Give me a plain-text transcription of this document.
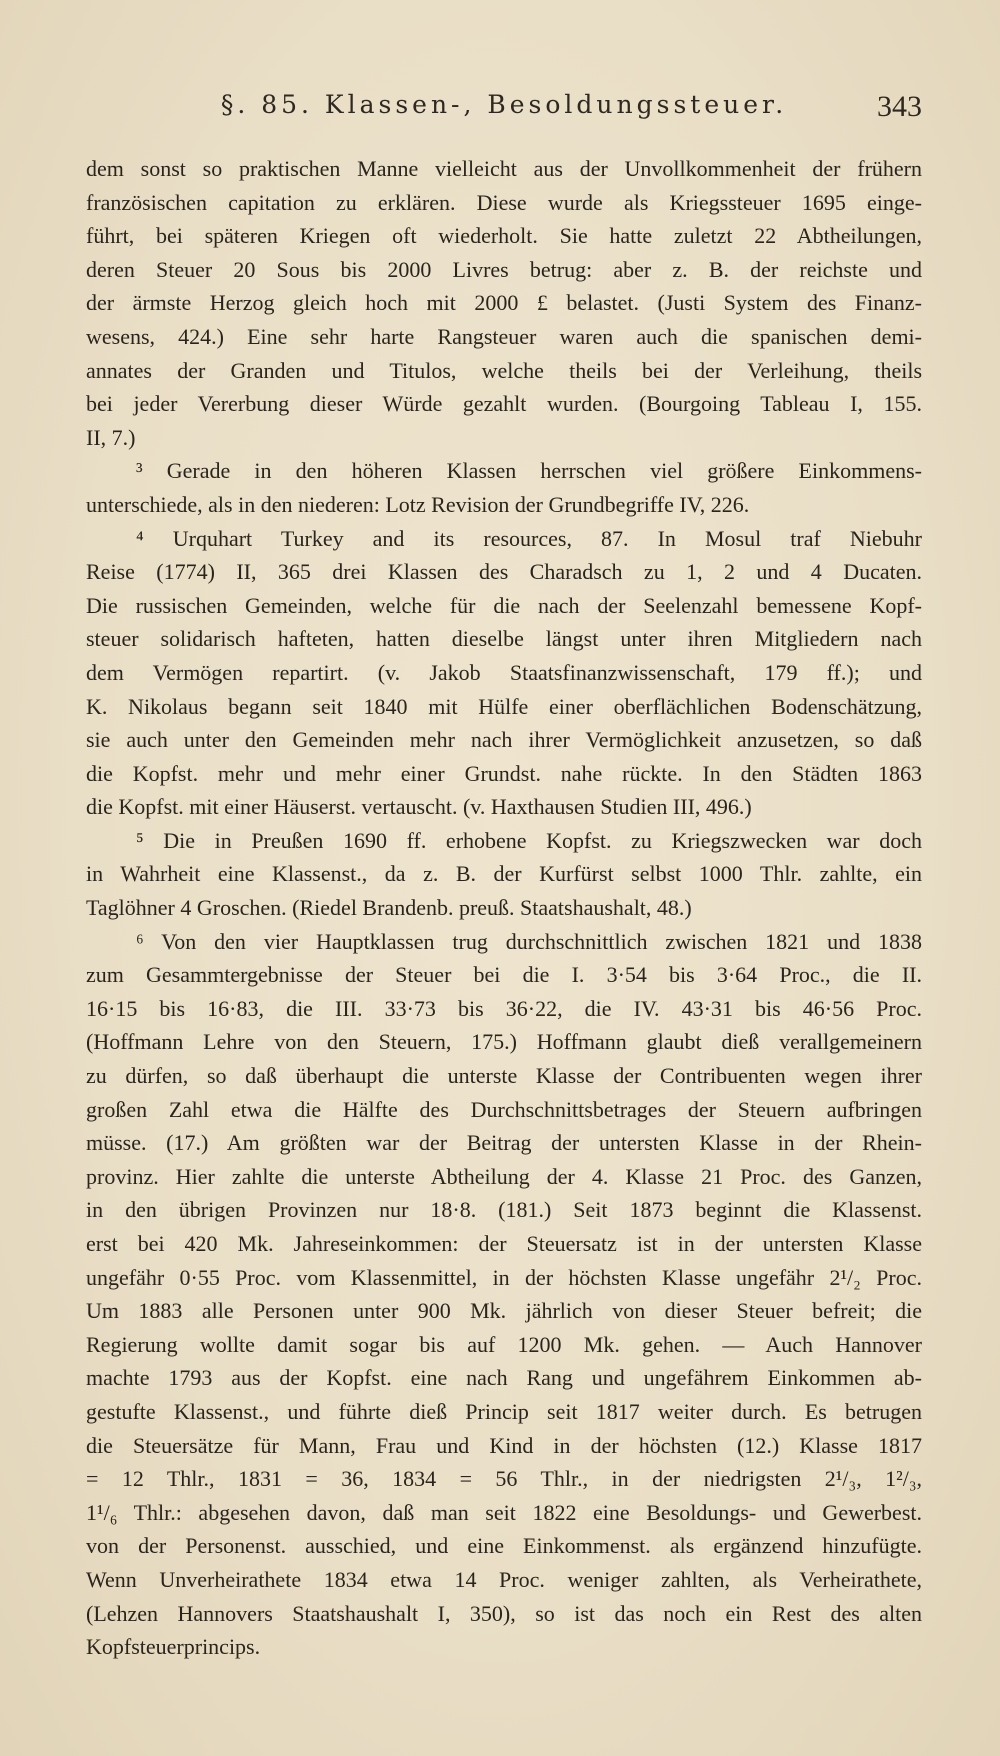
§. 85. Klassen-, Besoldungssteuer.	343
dem sonst so praktischen Manne vielleicht aus der Unvollkommenheit der frühern
französischen capitation zu erklären. Diese wurde als Kriegssteuer 1695 einge-
führt, bei späteren Kriegen oft wiederholt. Sie hatte zuletzt 22 Abtheilungen,
deren Steuer 20 Sous bis 2000 Livres betrug: aber z. B. der reichste und
der ärmste Herzog gleich hoch mit 2000 £ belastet. (Justi System des Finanz-
wesens, 424.) Eine sehr harte Rangsteuer waren auch die spanischen demi-
annates der Granden und Titulos, welche theils bei der Verleihung, theils
bei jeder Vererbung dieser Würde gezahlt wurden. (Bourgoing Tableau I, 155.
II, 7.)
³ Gerade in den höheren Klassen herrschen viel größere Einkommens-
unterschiede, als in den niederen: Lotz Revision der Grundbegriffe IV, 226.
⁴ Urquhart Turkey and its resources, 87. In Mosul traf Niebuhr
Reise (1774) II, 365 drei Klassen des Charadsch zu 1, 2 und 4 Ducaten.
Die russischen Gemeinden, welche für die nach der Seelenzahl bemessene Kopf-
steuer solidarisch hafteten, hatten dieselbe längst unter ihren Mitgliedern nach
dem Vermögen repartirt. (v. Jakob Staatsfinanzwissenschaft, 179 ff.); und
K. Nikolaus begann seit 1840 mit Hülfe einer oberflächlichen Bodenschätzung,
sie auch unter den Gemeinden mehr nach ihrer Vermöglichkeit anzusetzen, so daß
die Kopfst. mehr und mehr einer Grundst. nahe rückte. In den Städten 1863
die Kopfst. mit einer Häuserst. vertauscht. (v. Haxthausen Studien III, 496.)
⁵ Die in Preußen 1690 ff. erhobene Kopfst. zu Kriegszwecken war doch
in Wahrheit eine Klassenst., da z. B. der Kurfürst selbst 1000 Thlr. zahlte, ein
Taglöhner 4 Groschen. (Riedel Brandenb. preuß. Staatshaushalt, 48.)
⁶ Von den vier Hauptklassen trug durchschnittlich zwischen 1821 und 1838
zum Gesammtergebnisse der Steuer bei die I. 3·54 bis 3·64 Proc., die II.
16·15 bis 16·83, die III. 33·73 bis 36·22, die IV. 43·31 bis 46·56 Proc.
(Hoffmann Lehre von den Steuern, 175.) Hoffmann glaubt dieß verallgemeinern
zu dürfen, so daß überhaupt die unterste Klasse der Contribuenten wegen ihrer
großen Zahl etwa die Hälfte des Durchschnittsbetrages der Steuern aufbringen
müsse. (17.) Am größten war der Beitrag der untersten Klasse in der Rhein-
provinz. Hier zahlte die unterste Abtheilung der 4. Klasse 21 Proc. des Ganzen,
in den übrigen Provinzen nur 18·8. (181.) Seit 1873 beginnt die Klassenst.
erst bei 420 Mk. Jahreseinkommen: der Steuersatz ist in der untersten Klasse
ungefähr 0·55 Proc. vom Klassenmittel, in der höchsten Klasse ungefähr 2¹/₂ Proc.
Um 1883 alle Personen unter 900 Mk. jährlich von dieser Steuer befreit; die
Regierung wollte damit sogar bis auf 1200 Mk. gehen. — Auch Hannover
machte 1793 aus der Kopfst. eine nach Rang und ungefährem Einkommen ab-
gestufte Klassenst., und führte dieß Princip seit 1817 weiter durch. Es betrugen
die Steuersätze für Mann, Frau und Kind in der höchsten (12.) Klasse 1817
= 12 Thlr., 1831 = 36, 1834 = 56 Thlr., in der niedrigsten 2¹/₃, 1²/₃,
1¹/₆ Thlr.: abgesehen davon, daß man seit 1822 eine Besoldungs- und Gewerbest.
von der Personenst. ausschied, und eine Einkommenst. als ergänzend hinzufügte.
Wenn Unverheirathete 1834 etwa 14 Proc. weniger zahlten, als Verheirathete,
(Lehzen Hannovers Staatshaushalt I, 350), so ist das noch ein Rest des alten
Kopfsteuerprincips.
